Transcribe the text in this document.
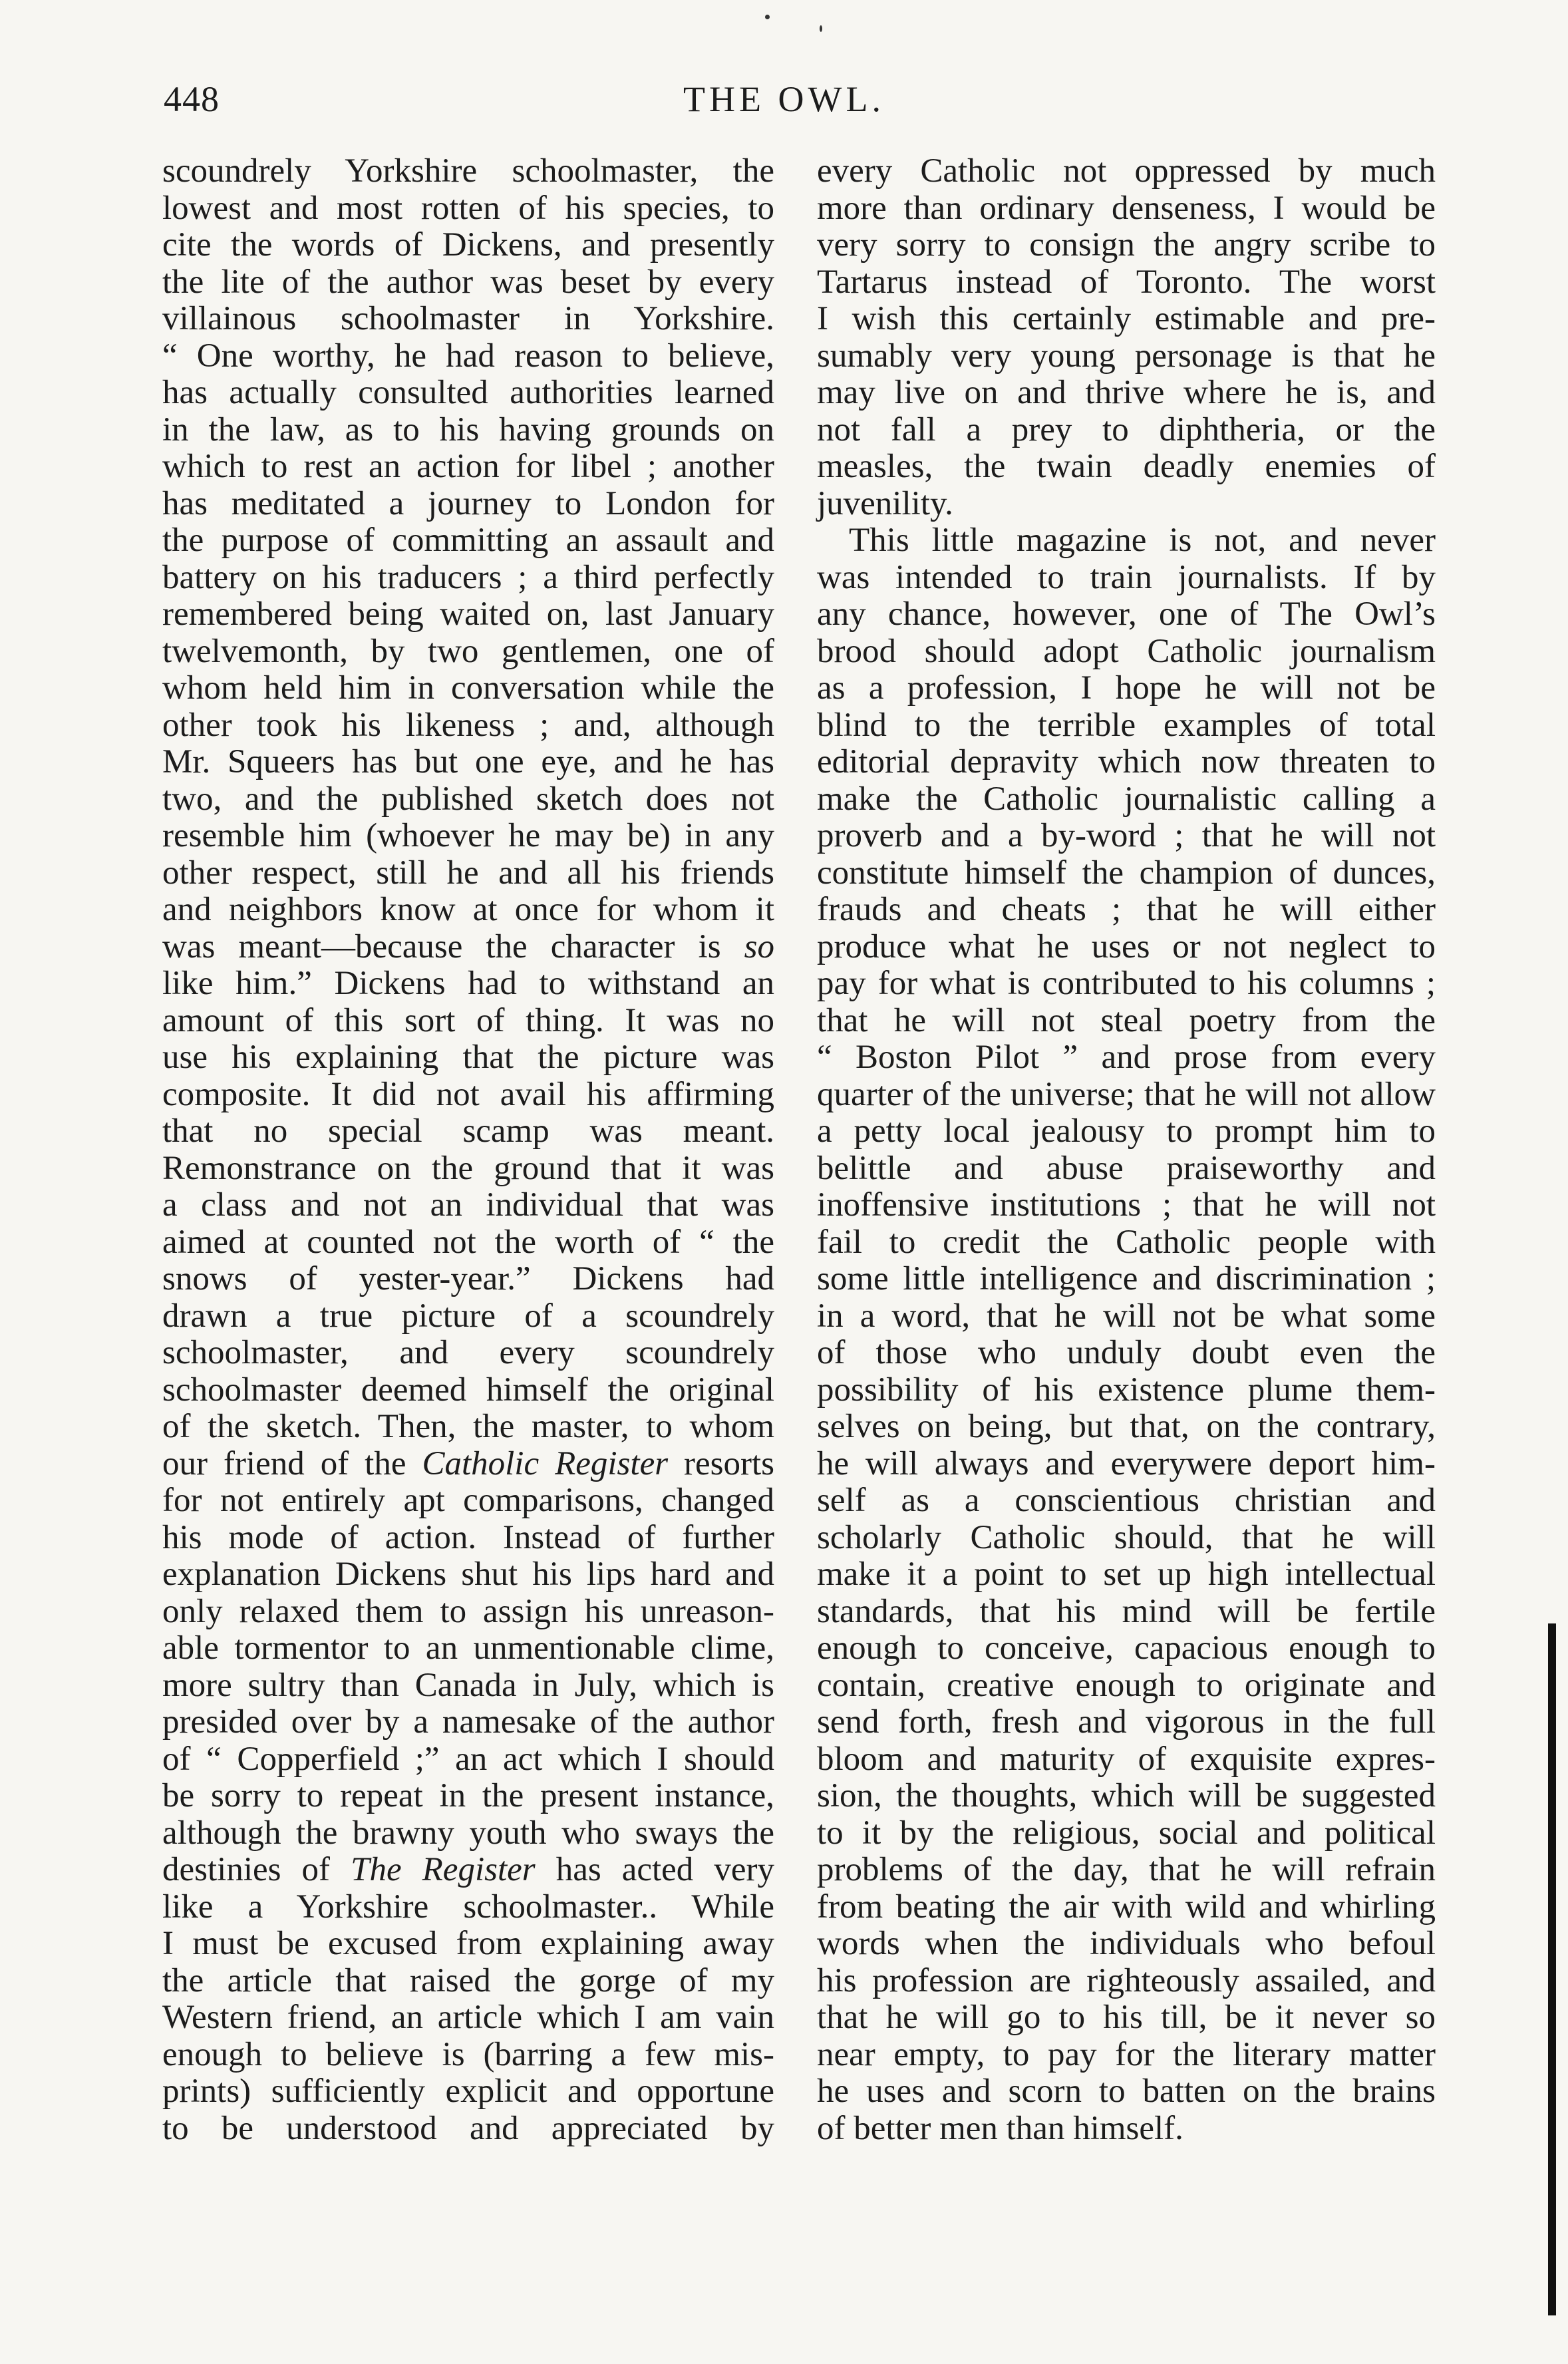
448	THE OWL.
scoundrely Yorkshire schoolmaster, the
lowest and most rotten of his species, to
cite the words of Dickens, and presently
the lite of the author was beset by every
villainous schoolmaster in Yorkshire.
“ One worthy, he had reason to believe,
has actually consulted authorities learned
in the law, as to his having grounds on
which to rest an action for libel ; another
has meditated a journey to London for
the purpose of committing an assault and
battery on his traducers ; a third perfectly
remembered being waited on, last January
twelvemonth, by two gentlemen, one of
whom held him in conversation while the
other took his likeness ; and, although
Mr. Squeers has but one eye, and he has
two, and the published sketch does not
resemble him (whoever he may be) in any
other respect, still he and all his friends
and neighbors know at once for whom it
was meant—because the character is so
like him.” Dickens had to withstand an
amount of this sort of thing. It was no
use his explaining that the picture was
composite. It did not avail his affirming
that no special scamp was meant.
Remonstrance on the ground that it was
a class and not an individual that was
aimed at counted not the worth of “ the
snows of yester-year.” Dickens had
drawn a true picture of a scoundrely
schoolmaster, and every scoundrely
schoolmaster deemed himself the original
of the sketch. Then, the master, to whom
our friend of the Catholic Register resorts
for not entirely apt comparisons, changed
his mode of action. Instead of further
explanation Dickens shut his lips hard and
only relaxed them to assign his unreason-
able tormentor to an unmentionable clime,
more sultry than Canada in July, which is
presided over by a namesake of the author
of “ Copperfield ;” an act which I should
be sorry to repeat in the present instance,
although the brawny youth who sways the
destinies of The Register has acted very
like a Yorkshire schoolmaster.. While
I must be excused from explaining away
the article that raised the gorge of my
Western friend, an article which I am vain
enough to believe is (barring a few mis-
prints) sufficiently explicit and opportune
to be understood and appreciated by
every Catholic not oppressed by much
more than ordinary denseness, I would be
very sorry to consign the angry scribe to
Tartarus instead of Toronto. The worst
I wish this certainly estimable and pre-
sumably very young personage is that he
may live on and thrive where he is, and
not fall a prey to diphtheria, or the
measles, the twain deadly enemies of
juvenility.
This little magazine is not, and never
was intended to train journalists. If by
any chance, however, one of The Owl’s
brood should adopt Catholic journalism
as a profession, I hope he will not be
blind to the terrible examples of total
editorial depravity which now threaten to
make the Catholic journalistic calling a
proverb and a by-word ; that he will not
constitute himself the champion of dunces,
frauds and cheats ; that he will either
produce what he uses or not neglect to
pay for what is contributed to his columns ;
that he will not steal poetry from the
“ Boston Pilot ” and prose from every
quarter of the universe; that he will not allow
a petty local jealousy to prompt him to
belittle and abuse praiseworthy and
inoffensive institutions ; that he will not
fail to credit the Catholic people with
some little intelligence and discrimination ;
in a word, that he will not be what some
of those who unduly doubt even the
possibility of his existence plume them-
selves on being, but that, on the contrary,
he will always and everywere deport him-
self as a conscientious christian and
scholarly Catholic should, that he will
make it a point to set up high intellectual
standards, that his mind will be fertile
enough to conceive, capacious enough to
contain, creative enough to originate and
send forth, fresh and vigorous in the full
bloom and maturity of exquisite expres-
sion, the thoughts, which will be suggested
to it by the religious, social and political
problems of the day, that he will refrain
from beating the air with wild and whirling
words when the individuals who befoul
his profession are righteously assailed, and
that he will go to his till, be it never so
near empty, to pay for the literary matter
he uses and scorn to batten on the brains
of better men than himself.
